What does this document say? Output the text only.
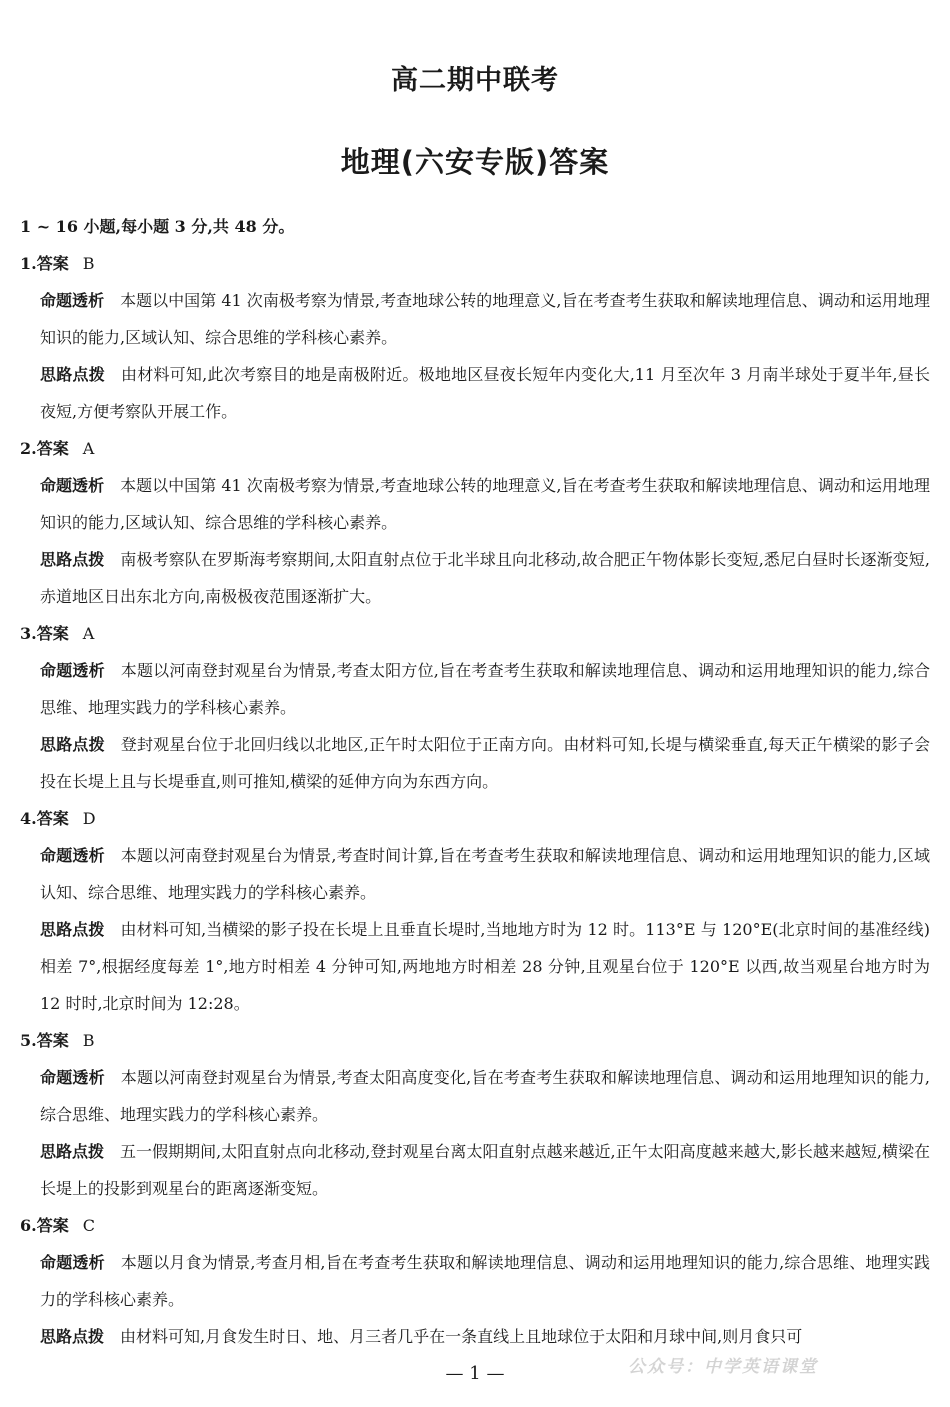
高二期中联考
地理(六安专版)答案
1 ~ 16 小题,每小题 3 分,共 48 分。
1.答案 B
命题透析 本题以中国第 41 次南极考察为情景,考查地球公转的地理意义,旨在考查考生获取和解读地理信息、调动和运用地理知识的能力,区域认知、综合思维的学科核心素养。
思路点拨 由材料可知,此次考察目的地是南极附近。极地地区昼夜长短年内变化大,11 月至次年 3 月南半球处于夏半年,昼长夜短,方便考察队开展工作。
2.答案 A
命题透析 本题以中国第 41 次南极考察为情景,考查地球公转的地理意义,旨在考查考生获取和解读地理信息、调动和运用地理知识的能力,区域认知、综合思维的学科核心素养。
思路点拨 南极考察队在罗斯海考察期间,太阳直射点位于北半球且向北移动,故合肥正午物体影长变短,悉尼白昼时长逐渐变短,赤道地区日出东北方向,南极极夜范围逐渐扩大。
3.答案 A
命题透析 本题以河南登封观星台为情景,考查太阳方位,旨在考查考生获取和解读地理信息、调动和运用地理知识的能力,综合思维、地理实践力的学科核心素养。
思路点拨 登封观星台位于北回归线以北地区,正午时太阳位于正南方向。由材料可知,长堤与横梁垂直,每天正午横梁的影子会投在长堤上且与长堤垂直,则可推知,横梁的延伸方向为东西方向。
4.答案 D
命题透析 本题以河南登封观星台为情景,考查时间计算,旨在考查考生获取和解读地理信息、调动和运用地理知识的能力,区域认知、综合思维、地理实践力的学科核心素养。
思路点拨 由材料可知,当横梁的影子投在长堤上且垂直长堤时,当地地方时为 12 时。113°E 与 120°E(北京时间的基准经线)相差 7°,根据经度每差 1°,地方时相差 4 分钟可知,两地地方时相差 28 分钟,且观星台位于 120°E 以西,故当观星台地方时为 12 时时,北京时间为 12:28。
5.答案 B
命题透析 本题以河南登封观星台为情景,考查太阳高度变化,旨在考查考生获取和解读地理信息、调动和运用地理知识的能力,综合思维、地理实践力的学科核心素养。
思路点拨 五一假期期间,太阳直射点向北移动,登封观星台离太阳直射点越来越近,正午太阳高度越来越大,影长越来越短,横梁在长堤上的投影到观星台的距离逐渐变短。
6.答案 C
命题透析 本题以月食为情景,考查月相,旨在考查考生获取和解读地理信息、调动和运用地理知识的能力,综合思维、地理实践力的学科核心素养。
思路点拨 由材料可知,月食发生时日、地、月三者几乎在一条直线上且地球位于太阳和月球中间,则月食只可
— 1 —	公众号：中学英语课堂
